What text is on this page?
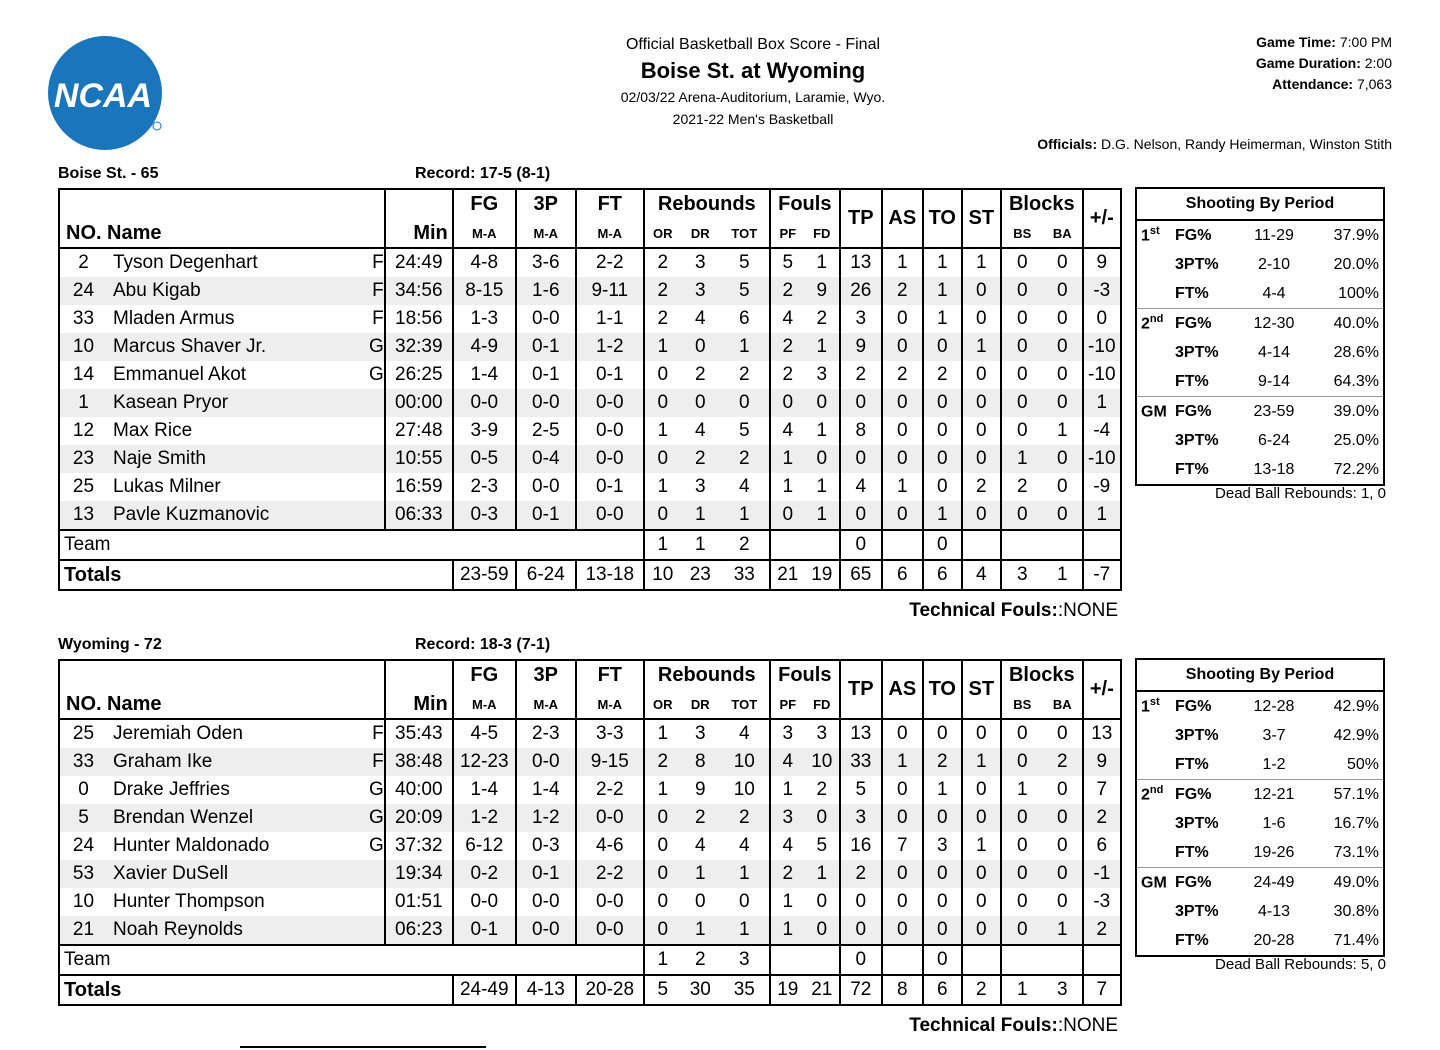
NCAA
Official Basketball Box Score - Final
Boise St. at Wyoming
02/03/22 Arena-Auditorium, Laramie, Wyo.
2021-22 Men's Basketball
Game Time: 7:00 PM
Game Duration: 2:00
Attendance: 7,063
Officials: D.G. Nelson, Randy Heimerman, Winston Stith
Boise St. - 65	Record: 17-5 (8-1)
				FG	3P	FT	Rebounds			Fouls		TP	AS	TO	ST	Blocks		+/-
NO.	Name		Min	M-A	M-A	M-A	OR	DR	TOT	PF	FD					BS	BA	
2	Tyson Degenhart	F	24:49	4-8	3-6	2-2	2	3	5	5	1	13	1	1	1	0	0	9
24	Abu Kigab	F	34:56	8-15	1-6	9-11	2	3	5	2	9	26	2	1	0	0	0	-3
33	Mladen Armus	F	18:56	1-3	0-0	1-1	2	4	6	4	2	3	0	1	0	0	0	0
10	Marcus Shaver Jr.	G	32:39	4-9	0-1	1-2	1	0	1	2	1	9	0	0	1	0	0	-10
14	Emmanuel Akot	G	26:25	1-4	0-1	0-1	0	2	2	2	3	2	2	2	0	0	0	-10
1	Kasean Pryor		00:00	0-0	0-0	0-0	0	0	0	0	0	0	0	0	0	0	0	1
12	Max Rice		27:48	3-9	2-5	0-0	1	4	5	4	1	8	0	0	0	0	1	-4
23	Naje Smith		10:55	0-5	0-4	0-0	0	2	2	1	0	0	0	0	0	1	0	-10
25	Lukas Milner		16:59	2-3	0-0	0-1	1	3	4	1	1	4	1	0	2	2	0	-9
13	Pavle Kuzmanovic		06:33	0-3	0-1	0-0	0	1	1	0	1	0	0	1	0	0	0	1
Team							1	1	2			0		0				
Totals				23-59	6-24	13-18	10	23	33	21	19	65	6	6	4	3	1	-7
Technical Fouls::NONE
Shooting By Period			
1st	FG%	11-29	37.9%
	3PT%	2-10	20.0%
	FT%	4-4	100%
2nd	FG%	12-30	40.0%
	3PT%	4-14	28.6%
	FT%	9-14	64.3%
GM	FG%	23-59	39.0%
	3PT%	6-24	25.0%
	FT%	13-18	72.2%
Dead Ball Rebounds: 1, 0
Wyoming - 72	Record: 18-3 (7-1)
				FG	3P	FT	Rebounds			Fouls		TP	AS	TO	ST	Blocks		+/-
NO.	Name		Min	M-A	M-A	M-A	OR	DR	TOT	PF	FD					BS	BA	
25	Jeremiah Oden	F	35:43	4-5	2-3	3-3	1	3	4	3	3	13	0	0	0	0	0	13
33	Graham Ike	F	38:48	12-23	0-0	9-15	2	8	10	4	10	33	1	2	1	0	2	9
0	Drake Jeffries	G	40:00	1-4	1-4	2-2	1	9	10	1	2	5	0	1	0	1	0	7
5	Brendan Wenzel	G	20:09	1-2	1-2	0-0	0	2	2	3	0	3	0	0	0	0	0	2
24	Hunter Maldonado	G	37:32	6-12	0-3	4-6	0	4	4	4	5	16	7	3	1	0	0	6
53	Xavier DuSell		19:34	0-2	0-1	2-2	0	1	1	2	1	2	0	0	0	0	0	-1
10	Hunter Thompson		01:51	0-0	0-0	0-0	0	0	0	1	0	0	0	0	0	0	0	-3
21	Noah Reynolds		06:23	0-1	0-0	0-0	0	1	1	1	0	0	0	0	0	0	1	2
Team							1	2	3			0		0				
Totals				24-49	4-13	20-28	5	30	35	19	21	72	8	6	2	1	3	7
Technical Fouls::NONE
Shooting By Period			
1st	FG%	12-28	42.9%
	3PT%	3-7	42.9%
	FT%	1-2	50%
2nd	FG%	12-21	57.1%
	3PT%	1-6	16.7%
	FT%	19-26	73.1%
GM	FG%	24-49	49.0%
	3PT%	4-13	30.8%
	FT%	20-28	71.4%
Dead Ball Rebounds: 5, 0
